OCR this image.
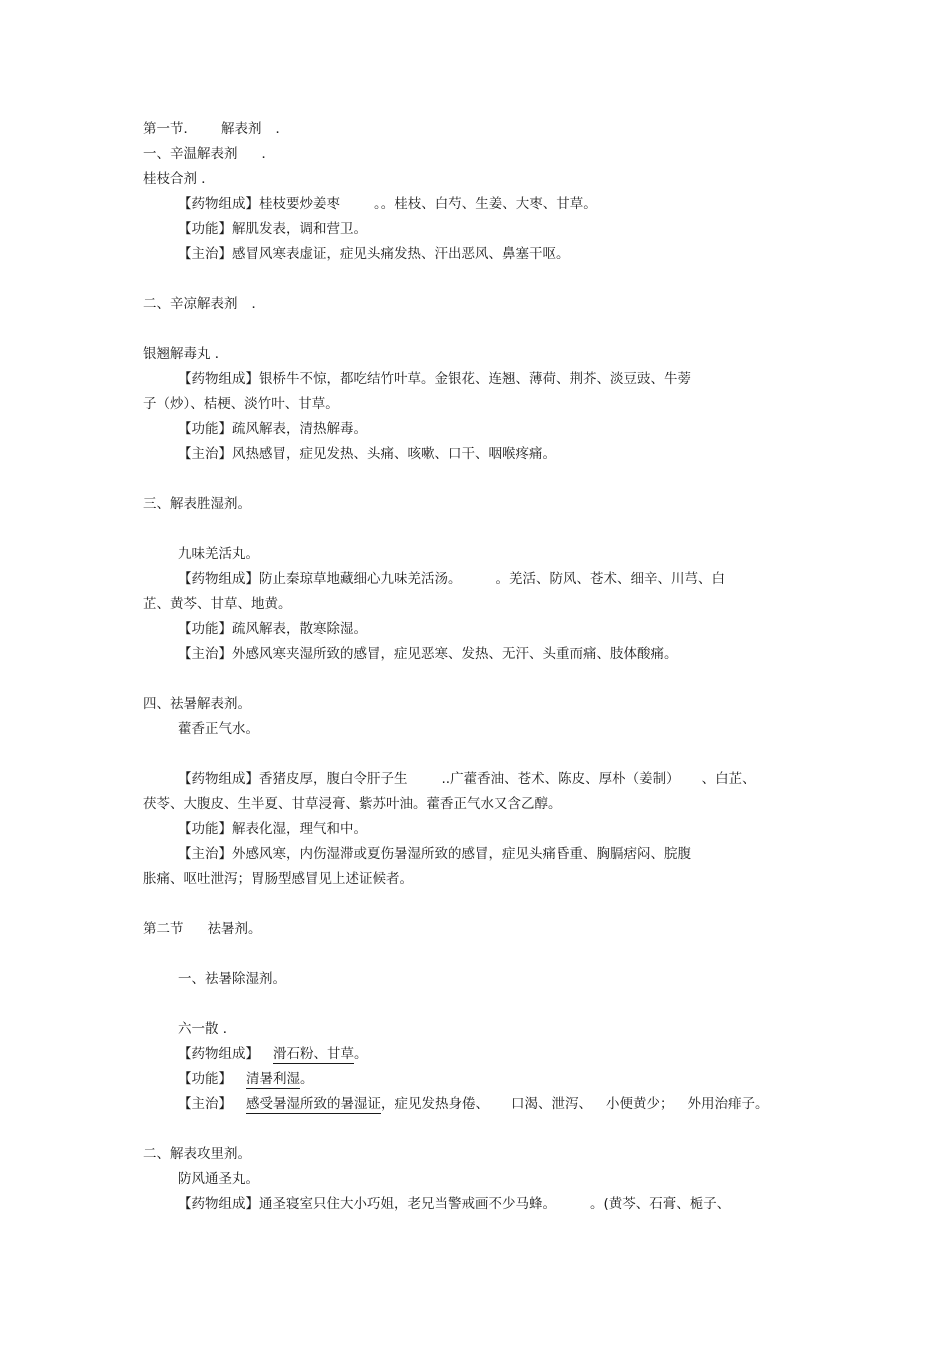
第一节． 解表剂 ．
一、辛温解表剂 ．
桂枝合剂 ．
【药物组成】桂枝要炒姜枣	。。桂枝、白芍、生姜、大枣、甘草。
【功能】解肌发表，调和营卫。
【主治】感冒风寒表虚证，症见头痛发热、汗出恶风、鼻塞干呕。
二、辛凉解表剂 ．
银翘解毒丸 ．
【药物组成】银桥牛不惊，都吃结竹叶草。金银花、连翘、薄荷、荆芥、淡豆豉、牛蒡
子（炒）、桔梗、淡竹叶、甘草。
【功能】疏风解表，清热解毒。
【主治】风热感冒，症见发热、头痛、咳嗽、口干、咽喉疼痛。
三、解表胜湿剂。
九味羌活丸。
【药物组成】防止秦琼草地藏细心九味羌活汤。	。羌活、防风、苍术、细辛、川芎、白
芷、黄芩、甘草、地黄。
【功能】疏风解表，散寒除湿。
【主治】外感风寒夹湿所致的感冒，症见恶寒、发热、无汗、头重而痛、肢体酸痛。
四、祛暑解表剂。
藿香正气水。
【药物组成】香猪皮厚，腹白令肝子生	..广藿香油、苍术、陈皮、厚朴（姜制） 、白芷、
茯苓、大腹皮、生半夏、甘草浸膏、紫苏叶油。藿香正气水又含乙醇。
【功能】解表化湿，理气和中。
【主治】外感风寒，内伤湿滞或夏伤暑湿所致的感冒，症见头痛昏重、胸膈痞闷、脘腹
胀痛、呕吐泄泻；胃肠型感冒见上述证候者。
第二节 祛暑剂。
一、祛暑除湿剂。
六一散 ．
【药物组成】 滑石粉、甘草。
【功能】 清暑利湿。
【主治】 感受暑湿所致的暑湿证，症见发热身倦、 口渴、泄泻、 小便黄少； 外用治痱子。
二、解表攻里剂。
防风通圣丸。
【药物组成】通圣寝室只住大小巧姐，老兄当警戒画不少马蜂。	。(黄芩、石膏、栀子、
